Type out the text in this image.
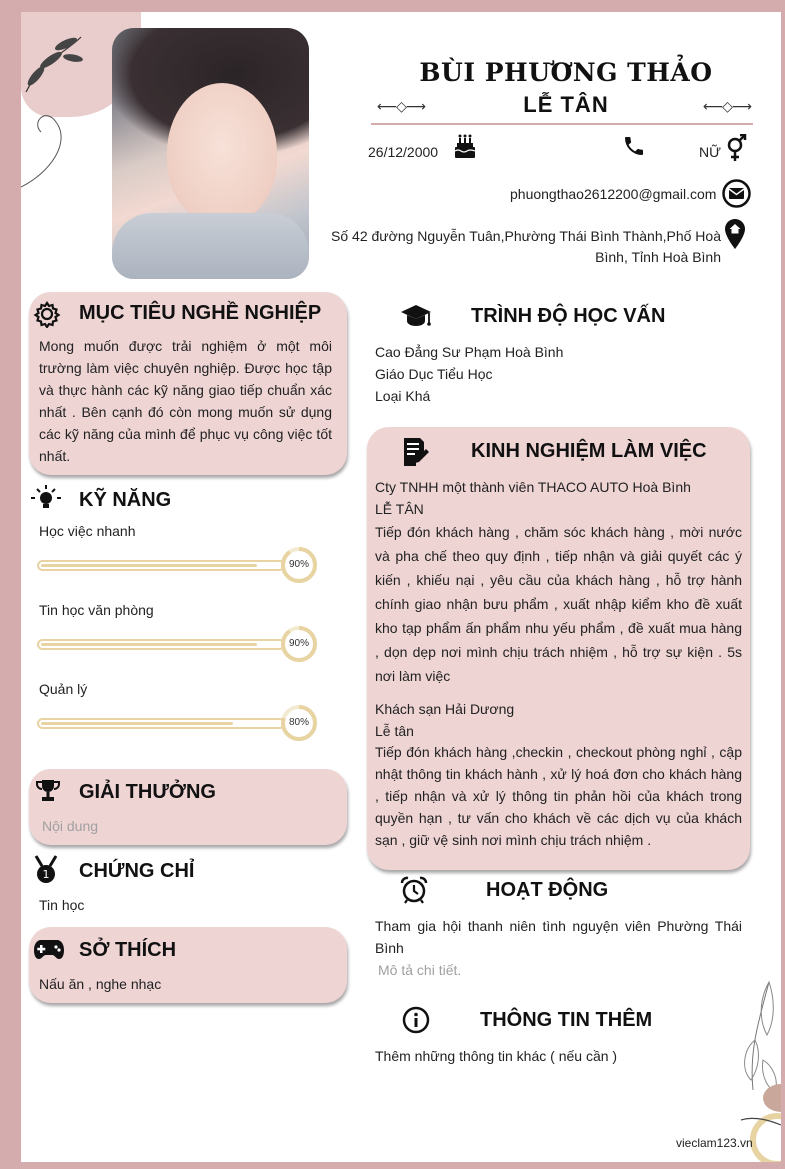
BÙI PHƯƠNG THẢO
⟵◇⟶	LỄ TÂN	⟵◇⟶
26/12/2000	NỮ
phuongthao2612200@gmail.com
Số 42 đường Nguyễn Tuân,Phường Thái Bình Thành,Phố Hoà
Bình, Tỉnh Hoà Bình
MỤC TIÊU NGHỀ NGHIỆP
Mong muốn được trải nghiệm ở một môi trường làm việc chuyên nghiệp. Được học tập và thực hành các kỹ năng giao tiếp chuẩn xác nhất . Bên cạnh đó còn mong muốn sử dụng các kỹ năng của mình để phục vụ công việc tốt nhất.
KỸ NĂNG
GIẢI THƯỞNG
Nội dung
1 CHỨNG CHỈ
Tin học
SỞ THÍCH
Nấu ăn , nghe nhạc
TRÌNH ĐỘ HỌC VẤN
Cao Đẳng Sư Phạm Hoà Bình
Giáo Dục Tiểu Học
Loại Khá
KINH NGHIỆM LÀM VIỆC
Cty TNHH một thành viên THACO AUTO Hoà Bình
LỄ TÂN
Tiếp đón khách hàng , chăm sóc khách hàng , mời nước và pha chế theo quy định , tiếp nhận và giải quyết các ý kiến , khiếu nại , yêu cầu của khách hàng , hỗ trợ hành chính giao nhận bưu phẩm , xuất nhập kiểm kho đề xuất kho tạp phẩm ấn phẩm nhu yếu phẩm , đề xuất mua hàng , dọn dẹp nơi mình chịu trách nhiệm , hỗ trợ sự kiện . 5s nơi làm việc
Khách sạn Hải Dương
Lễ tân
Tiếp đón khách hàng ,checkin , checkout phòng nghỉ , cập nhật thông tin khách hành , xử lý hoá đơn cho khách hàng , tiếp nhận và xử lý thông tin phản hồi của khách trong quyền hạn , tư vấn cho khách về các dịch vụ của khách sạn , giữ vệ sinh nơi mình chịu trách nhiệm .
HOẠT ĐỘNG
Tham gia hội thanh niên tình nguyện viên Phường Thái Bình
Mô tả chi tiết.
THÔNG TIN THÊM
Thêm những thông tin khác ( nếu cần )
Học việc nhanh
90%
Tin học văn phòng
90%
Quản lý
80%
vieclam123.vn
